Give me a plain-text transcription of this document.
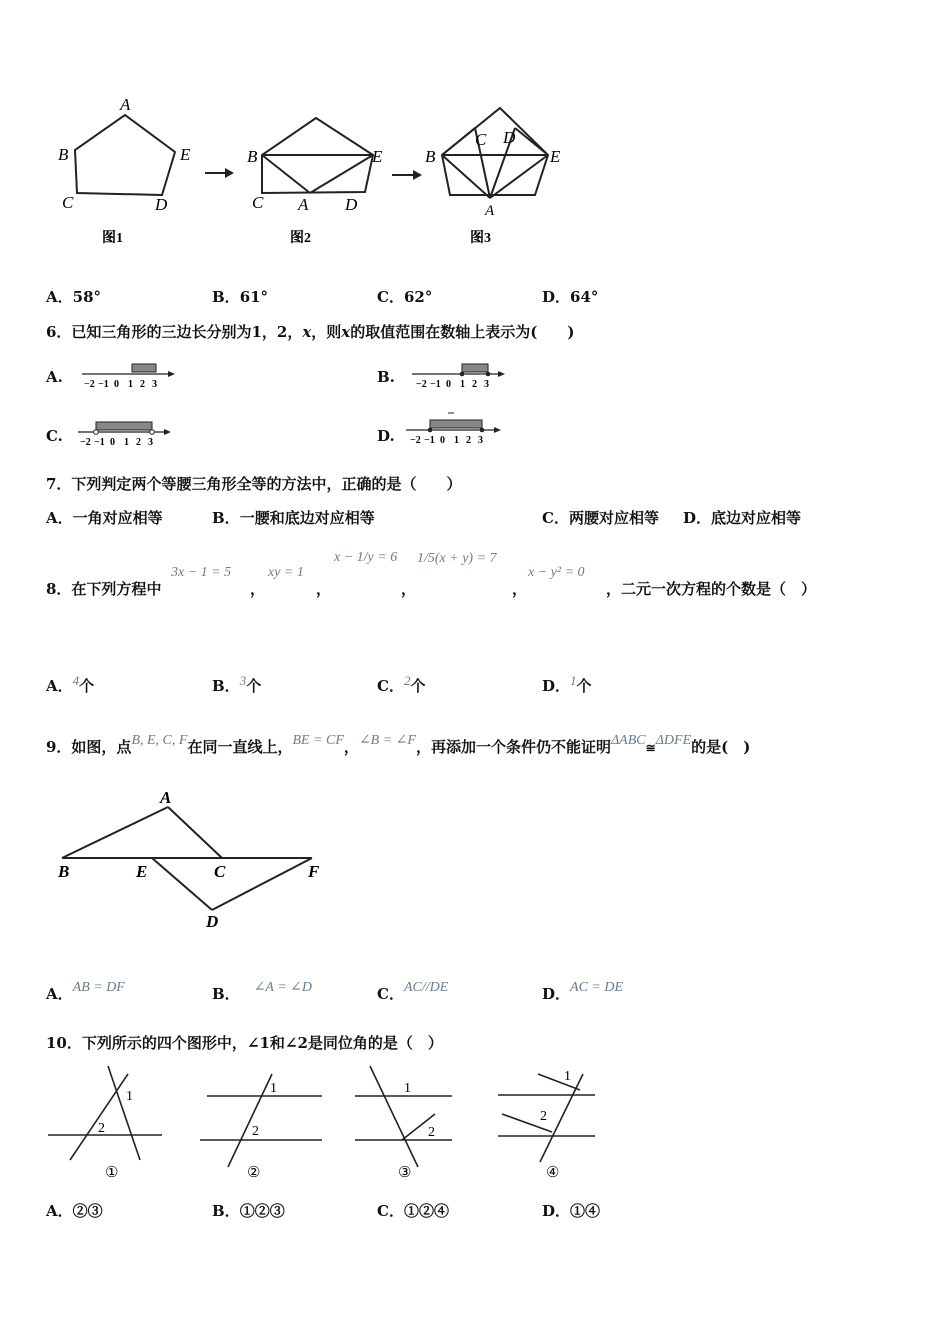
A
B	E
C	D
图1
B	E
C A D
图2
B
C D
E
A
图3
A．58°	B．61°	C．62°	D．64°
6．已知三角形的三边长分别为1，2，x，则x的取值范围在数轴上表示为(　　)
A.	B.
C.	D.
−2 −1 0 1 2 3	−2 −1 0 1 2 3
−2 −1 0 1 2 3	−2 −1 0 1 2 3
7．下列判定两个等腰三角形全等的方法中，正确的是（　　）
A．一角对应相等	B．一腰和底边对应相等	C．两腰对应相等 D．底边对应相等
8．在下列方程中
3x − 1 = 5
，
xy = 1
，
x − 1/y = 6
，
1/5(x + y) = 7
，
x − y² = 0
，二元一次方程的个数是（　）
A．$^4$个	B．$^3$个	C．$^2$个	D．$^1$个
9．如图，点B, E, C, F在同一直线上，BE = CF，∠B = ∠F，再添加一个条件仍不能证明ΔABC≅ΔDFE的是(　)
A
B	E	C	F
D
A．AB = DF	B． ∠A = ∠D	C．AC//DE	D．AC = DE
10．下列所示的四个图形中，∠1和∠2是同位角的是（　）
1
2
①
1
2
②
1
2
③
1
2
④
A．②③	B．①②③	C．①②④	D．①④
